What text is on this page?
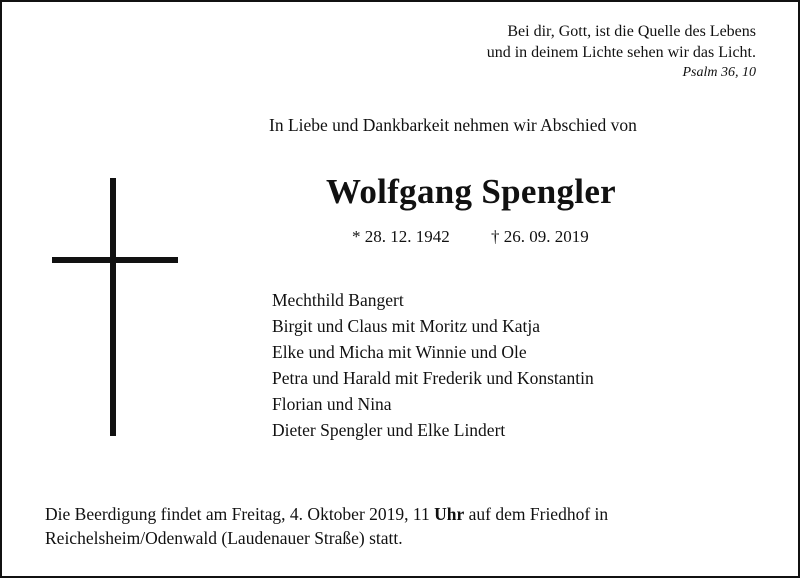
Bei dir, Gott, ist die Quelle des Lebens
und in deinem Lichte sehen wir das Licht.
Psalm 36, 10
In Liebe und Dankbarkeit nehmen wir Abschied von
Wolfgang Spengler
* 28. 12. 1942 † 26. 09. 2019
Mechthild Bangert
Birgit und Claus mit Moritz und Katja
Elke und Micha mit Winnie und Ole
Petra und Harald mit Frederik und Konstantin
Florian und Nina
Dieter Spengler und Elke Lindert
Die Beerdigung findet am Freitag, 4. Oktober 2019, 11 Uhr auf dem Friedhof in
Reichelsheim/Odenwald (Laudenauer Straße) statt.
